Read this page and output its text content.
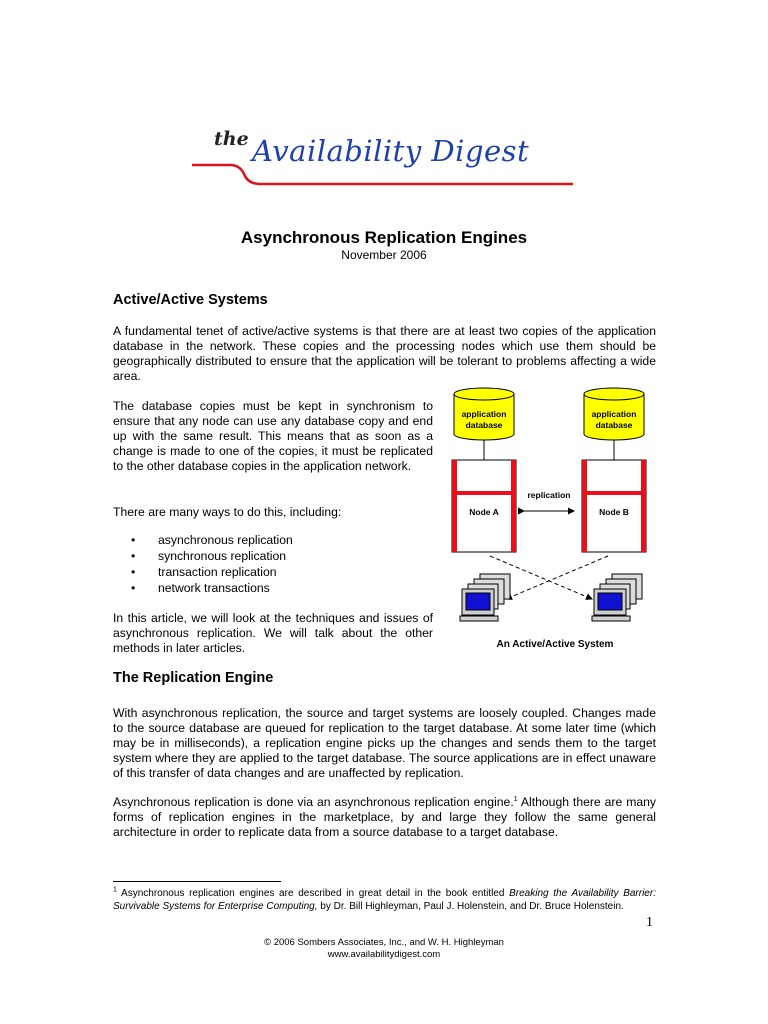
the Availability Digest
Asynchronous Replication Engines
November 2006
Active/Active Systems

A fundamental tenet of active/active systems is that there are at least two copies of the application database in the network. These copies and the processing nodes which use them should be geographically distributed to ensure that the application will be tolerant to problems affecting a wide area.

The database copies must be kept in synchronism to ensure that any node can use any database copy and end up with the same result. This means that as soon as a change is made to one of the copies, it must be replicated to the other database copies in the application network.

There are many ways to do this, including:

• asynchronous replication
• synchronous replication
• transaction replication
• network transactions

In this article, we will look at the techniques and issues of asynchronous replication. We will talk about the other methods in later articles.

application
database
application
database
replication
Node A	Node B
An Active/Active System
The Replication Engine

With asynchronous replication, the source and target systems are loosely coupled. Changes made to the source database are queued for replication to the target database. At some later time (which may be in milliseconds), a replication engine picks up the changes and sends them to the target system where they are applied to the target database. The source applications are in effect unaware of this transfer of data changes and are unaffected by replication.

Asynchronous replication is done via an asynchronous replication engine.$^1$ Although there are many forms of replication engines in the marketplace, by and large they follow the same general architecture in order to replicate data from a source database to a target database.

$^1$ Asynchronous replication engines are described in great detail in the book entitled Breaking the Availability Barrier: Survivable Systems for Enterprise Computing, by Dr. Bill Highleyman, Paul J. Holenstein, and Dr. Bruce Holenstein.

1
© 2006 Sombers Associates, Inc., and W. H. Highleyman
www.availabilitydigest.com
